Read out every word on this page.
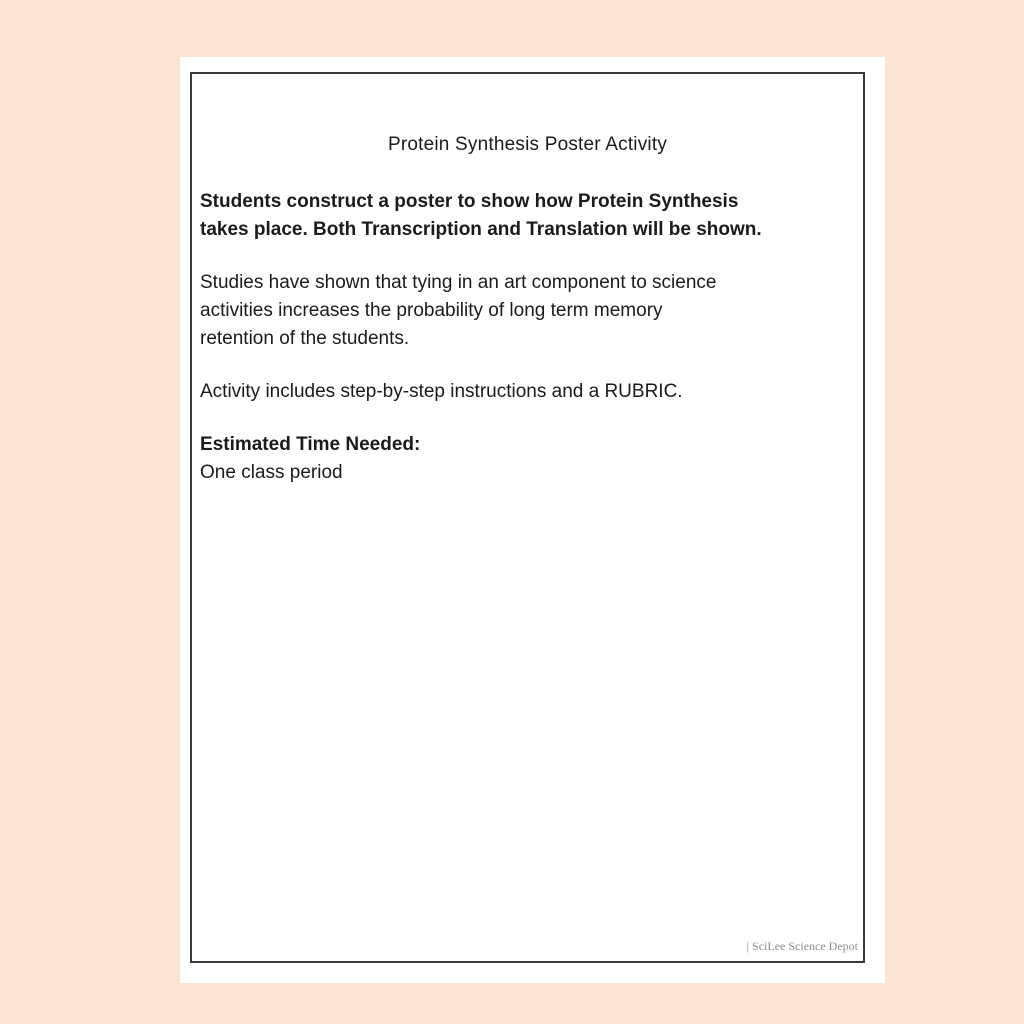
Protein Synthesis Poster Activity
Students construct a poster to show how Protein Synthesis
takes place. Both Transcription and Translation will be shown.
Studies have shown that tying in an art component to science
activities increases the probability of long term memory
retention of the students.
Activity includes step-by-step instructions and a RUBRIC.
Estimated Time Needed:
One class period
| SciLee Science Depot
